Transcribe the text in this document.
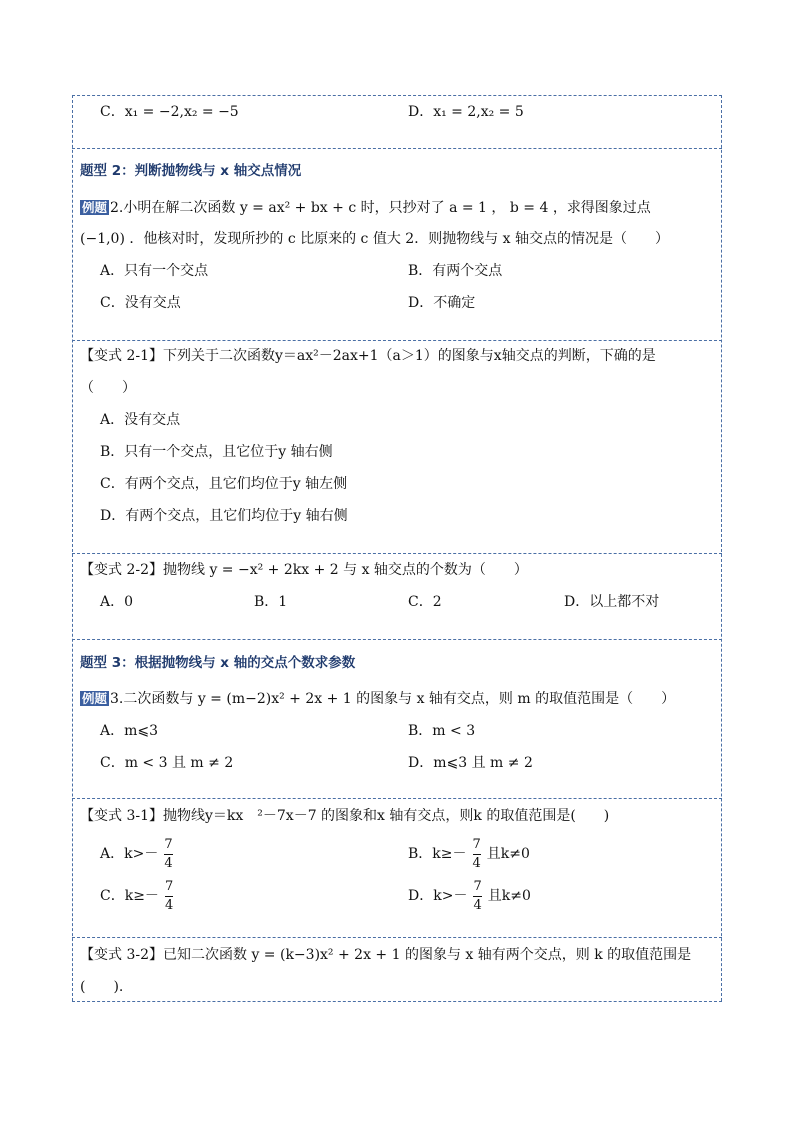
C．x₁ = −2,x₂ = −5	D．x₁ = 2,x₂ = 5
题型 2：判断抛物线与 x 轴交点情况
例题 2.小明在解二次函数 y = ax² + bx + c 时，只抄对了 a = 1 ， b = 4 ，求得图象过点
(−1,0) ．他核对时，发现所抄的 c 比原来的 c 值大 2．则抛物线与 x 轴交点的情况是（　　）
A．只有一个交点	B．有两个交点
C．没有交点	D．不确定
【变式 2-1】下列关于二次函数y＝ax²－2ax+1（a＞1）的图象与x轴交点的判断，下确的是
（　　）
A．没有交点
B．只有一个交点，且它位于y 轴右侧
C．有两个交点，且它们均位于y 轴左侧
D．有两个交点，且它们均位于y 轴右侧
【变式 2-2】抛物线 y = −x² + 2kx + 2 与 x 轴交点的个数为（　　）
A．0	B．1	C．2	D．以上都不对
题型 3：根据抛物线与 x 轴的交点个数求参数
例题 3.二次函数与 y = (m−2)x² + 2x + 1 的图象与 x 轴有交点，则 m 的取值范围是（　　）
A．m⩽3	B．m < 3
C．m < 3 且 m ≠ 2	D．m⩽3 且 m ≠ 2
【变式 3-1】抛物线y＝kx　²－7x－7 的图象和x 轴有交点，则k 的取值范围是(　　)
A．$k>- \frac{7}{4}$	B．$k\ge- \frac{7}{4}$ 且k≠0
C．$k\ge- \frac{7}{4}$	D．$k>- \frac{7}{4}$ 且k≠0
【变式 3-2】已知二次函数 y = (k−3)x² + 2x + 1 的图象与 x 轴有两个交点，则 k 的取值范围是
(　　).
